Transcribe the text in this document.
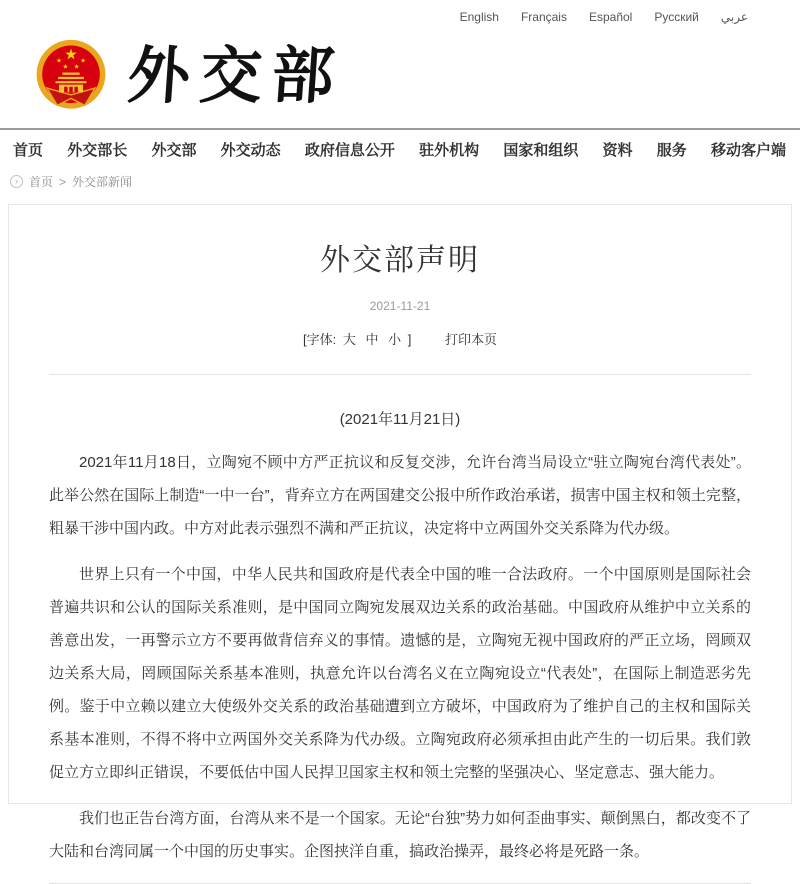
English Français Español Русский عربي
外交部
首页 外交部长 外交部 外交动态 政府信息公开 驻外机构 国家和组织 资料 服务 移动客户端
› 首页 > 外交部新闻
外交部声明
2021-11-21
[字体: 大 中 小 ]	打印本页

(2021年11月21日)

2021年11月18日，立陶宛不顾中方严正抗议和反复交涉，允许台湾当局设立“驻立陶宛台湾代表处”。此举公然在国际上制造“一中一台”，背弃立方在两国建交公报中所作政治承诺，损害中国主权和领土完整，粗暴干涉中国内政。中方对此表示强烈不满和严正抗议，决定将中立两国外交关系降为代办级。

世界上只有一个中国，中华人民共和国政府是代表全中国的唯一合法政府。一个中国原则是国际社会普遍共识和公认的国际关系准则，是中国同立陶宛发展双边关系的政治基础。中国政府从维护中立关系的善意出发，一再警示立方不要再做背信弃义的事情。遗憾的是，立陶宛无视中国政府的严正立场，罔顾双边关系大局，罔顾国际关系基本准则，执意允许以台湾名义在立陶宛设立“代表处”，在国际上制造恶劣先例。鉴于中立赖以建立大使级外交关系的政治基础遭到立方破坏，中国政府为了维护自己的主权和国际关系基本准则，不得不将中立两国外交关系降为代办级。立陶宛政府必须承担由此产生的一切后果。我们敦促立方立即纠正错误，不要低估中国人民捍卫国家主权和领土完整的坚强决心、坚定意志、强大能力。

我们也正告台湾方面，台湾从来不是一个国家。无论“台独”势力如何歪曲事实、颠倒黑白，都改变不了大陆和台湾同属一个中国的历史事实。企图挟洋自重，搞政治操弄，最终必将是死路一条。
